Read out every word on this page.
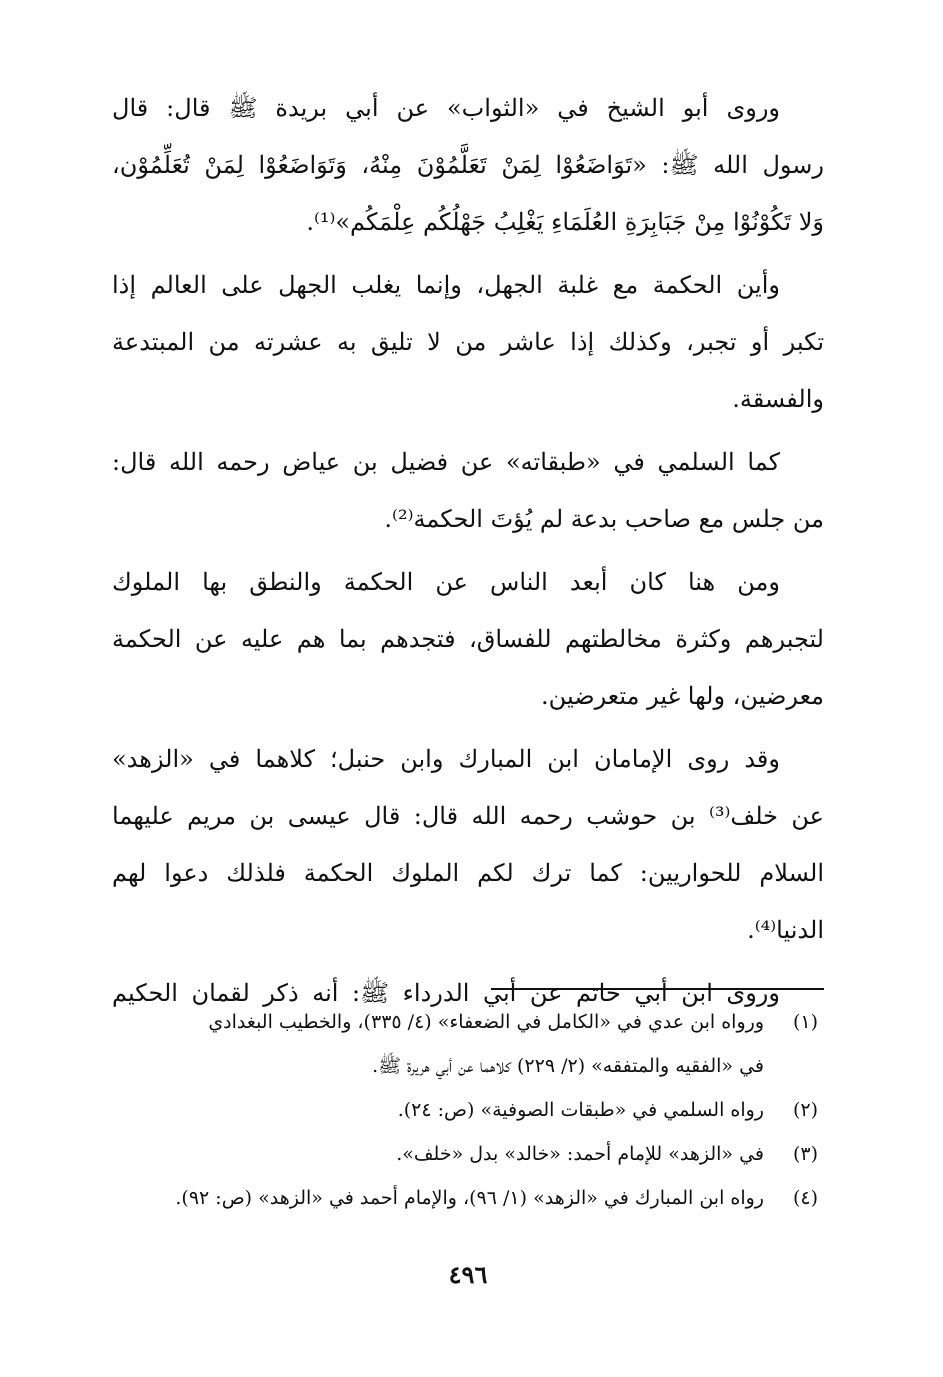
وروى أبو الشيخ في «الثواب» عن أبي بريدة ﷺ قال: قال
رسول الله ﷺ: «تَوَاضَعُوْا لِمَنْ تَعَلَّمُوْنَ مِنْهُ، وَتَوَاضَعُوْا لِمَنْ تُعَلِّمُوْن،
وَلا تَكُوْنُوْا مِنْ جَبَابِرَةِ العُلَمَاءِ يَغْلِبُ جَهْلُكُم عِلْمَكُم»⁽¹⁾.
وأين الحكمة مع غلبة الجهل، وإنما يغلب الجهل على العالم إذا
تكبر أو تجبر، وكذلك إذا عاشر من لا تليق به عشرته من المبتدعة
والفسقة.
كما السلمي في «طبقاته» عن فضيل بن عياض رحمه الله قال:
من جلس مع صاحب بدعة لم يُؤتَ الحكمة⁽²⁾.
ومن هنا كان أبعد الناس عن الحكمة والنطق بها الملوك
لتجبرهم وكثرة مخالطتهم للفساق، فتجدهم بما هم عليه عن الحكمة
معرضين، ولها غير متعرضين.
وقد روى الإمامان ابن المبارك وابن حنبل؛ كلاهما في «الزهد»
عن خلف⁽³⁾ بن حوشب رحمه الله قال: قال عيسى بن مريم عليهما
السلام للحواريين: كما ترك لكم الملوك الحكمة فلذلك دعوا لهم
الدنيا⁽⁴⁾.
وروى ابن أبي حاتم عن أبي الدرداء ﷺ: أنه ذكر لقمان الحكيم
(١)
ورواه ابن عدي في «الكامل في الضعفاء» (٤/ ٣٣٥)، والخطيب البغدادي
في «الفقيه والمتفقه» (٢/ ٢٢٩) كلاهما عن أبي هريرة ﷺ.
(٢)
رواه السلمي في «طبقات الصوفية» (ص: ٢٤).
(٣)
في «الزهد» للإمام أحمد: «خالد» بدل «خلف».
(٤)
رواه ابن المبارك في «الزهد» (١/ ٩٦)، والإمام أحمد في «الزهد» (ص: ٩٢).
٤٩٦
